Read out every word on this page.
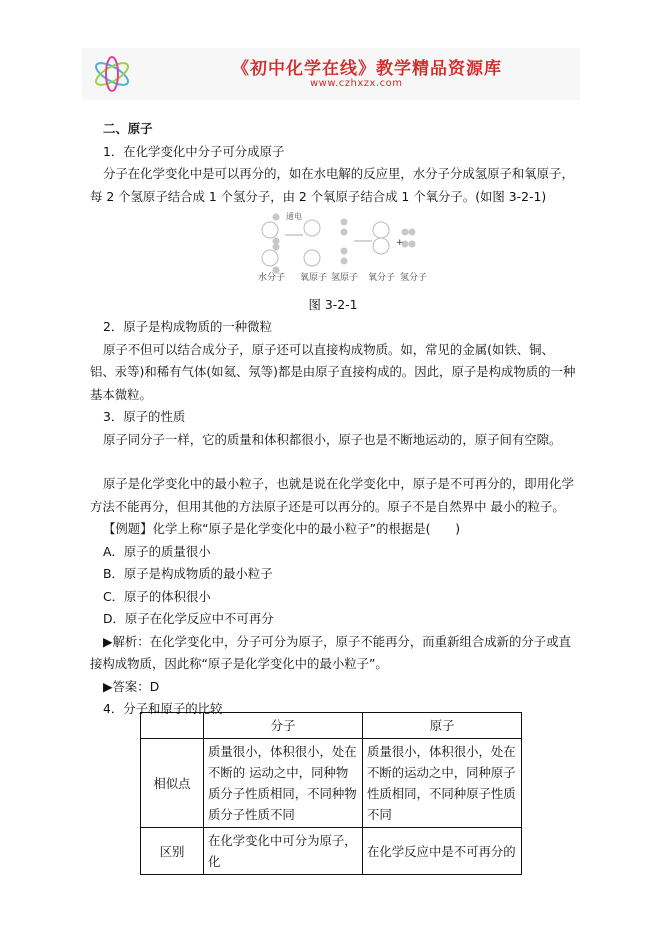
《初中化学在线》教学精品资源库
www.czhxzx.com

二、原子

1．在化学变化中分子可分成原子

分子在化学变化中是可以再分的，如在水电解的反应里，水分子分成氢原子和氧原子，每 2 个氢原子结合成 1 个氢分子，由 2 个氧原子结合成 1 个氧分子。(如图 3-2-1)

+
通电
水分子 氧原子 氢原子 氧分子 氢分子

图 3-2-1

2．原子是构成物质的一种微粒

原子不但可以结合成分子，原子还可以直接构成物质。如，常见的金属(如铁、铜、铝、汞等)和稀有气体(如氦、氖等)都是由原子直接构成的。因此，原子是构成物质的一种基本微粒。

3．原子的性质

原子同分子一样，它的质量和体积都很小，原子也是不断地运动的，原子间有空隙。

原子是化学变化中的最小粒子，也就是说在化学变化中，原子是不可再分的，即用化学方法不能再分，但用其他的方法原子还是可以再分的。原子不是自然界中 最小的粒子。

【例题】化学上称“原子是化学变化中的最小粒子”的根据是(　　)

A．原子的质量很小

B．原子是构成物质的最小粒子

C．原子的体积很小

D．原子在化学反应中不可再分

▶解析：在化学变化中，分子可分为原子，原子不能再分，而重新组合成新的分子或直接构成物质，因此称“原子是化学变化中的最小粒子”。

▶答案：D

4．分子和原子的比较

	分子	原子
相似点	质量很小，体积很小，处在不断的 运动之中，同种物质分子性质相同，不同种物质分子性质不同	质量很小，体积很小，处在不断的运动之中，同种原子性质相同，不同种原子性质不同
区别	在化学变化中可分为原子，化	在化学反应中是不可再分的
